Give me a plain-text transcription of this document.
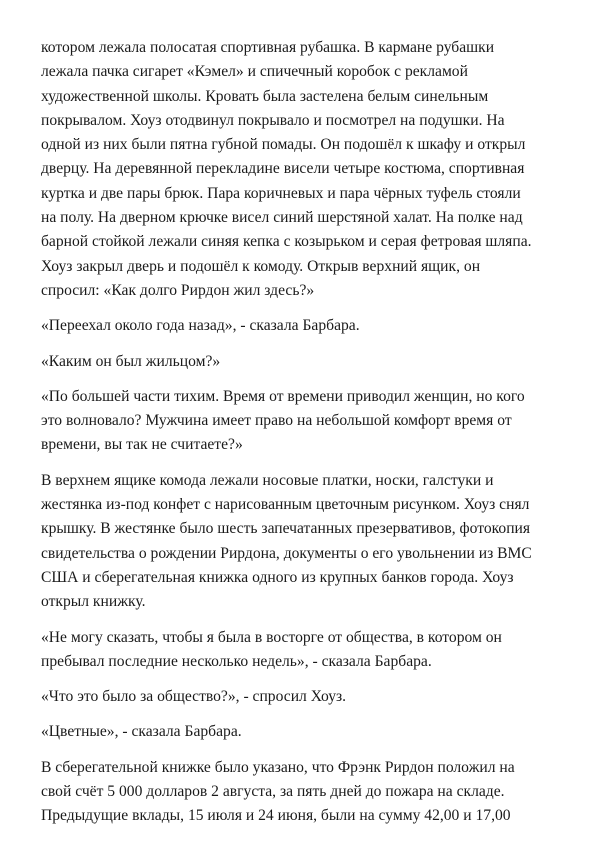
котором лежала полосатая спортивная рубашка. В кармане рубашки
лежала пачка сигарет «Кэмел» и спичечный коробок с рекламой
художественной школы. Кровать была застелена белым синельным
покрывалом. Хоуз отодвинул покрывало и посмотрел на подушки. На
одной из них были пятна губной помады. Он подошёл к шкафу и открыл
дверцу. На деревянной перекладине висели четыре костюма, спортивная
куртка и две пары брюк. Пара коричневых и пара чёрных туфель стояли
на полу. На дверном крючке висел синий шерстяной халат. На полке над
барной стойкой лежали синяя кепка с козырьком и серая фетровая шляпа.
Хоуз закрыл дверь и подошёл к комоду. Открыв верхний ящик, он
спросил: «Как долго Рирдон жил здесь?»

«Переехал около года назад», - сказала Барбара.

«Каким он был жильцом?»

«По большей части тихим. Время от времени приводил женщин, но кого
это волновало? Мужчина имеет право на небольшой комфорт время от
времени, вы так не считаете?»

В верхнем ящике комода лежали носовые платки, носки, галстуки и
жестянка из-под конфет с нарисованным цветочным рисунком. Хоуз снял
крышку. В жестянке было шесть запечатанных презервативов, фотокопия
свидетельства о рождении Рирдона, документы о его увольнении из ВМС
США и сберегательная книжка одного из крупных банков города. Хоуз
открыл книжку.

«Не могу сказать, чтобы я была в восторге от общества, в котором он
пребывал последние несколько недель», - сказала Барбара.

«Что это было за общество?», - спросил Хоуз.

«Цветные», - сказала Барбара.

В сберегательной книжке было указано, что Фрэнк Рирдон положил на
свой счёт 5 000 долларов 2 августа, за пять дней до пожара на складе.
Предыдущие вклады, 15 июля и 24 июня, были на сумму 42,00 и 17,00
